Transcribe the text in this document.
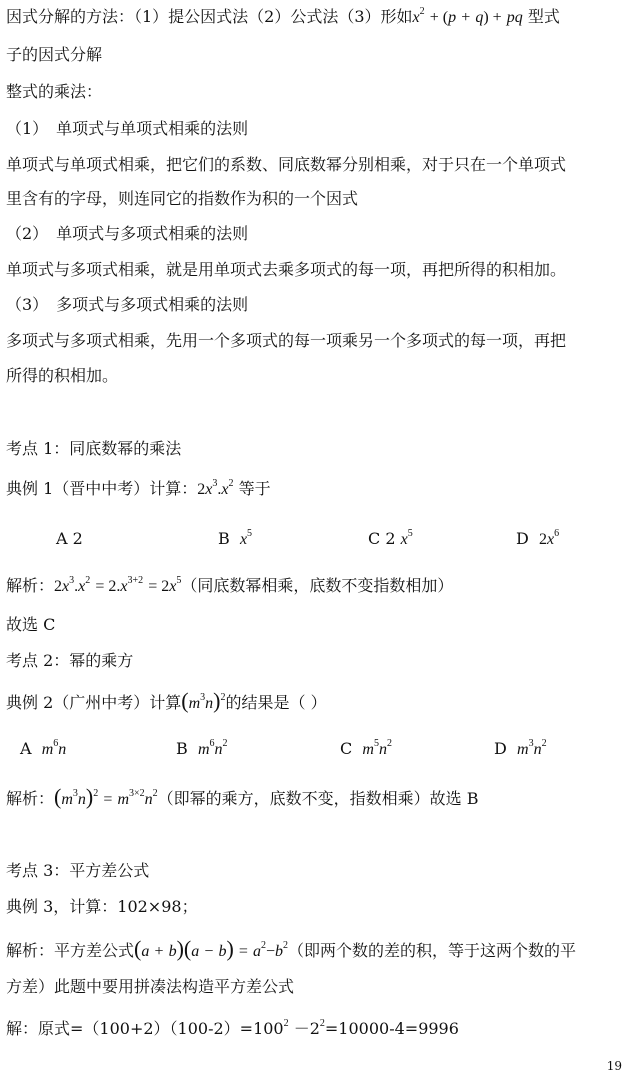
因式分解的方法：（1）提公因式法（2）公式法（3）形如$x^2 + (p + q)$ + pq 型式
子的因式分解
整式的乘法：
（1）　单项式与单项式相乘的法则
单项式与单项式相乘，把它们的系数、同底数幂分别相乘，对于只在一个单项式
里含有的字母，则连同它的指数作为积的一个因式
（2）　单项式与多项式相乘的法则
单项式与多项式相乘，就是用单项式去乘多项式的每一项，再把所得的积相加。
（3）　多项式与多项式相乘的法则
多项式与多项式相乘，先用一个多项式的每一项乘另一个多项式的每一项，再把
所得的积相加。
考点 1：同底数幂的乘法
典例 1（晋中中考）计算：$2x^3.x^2$ 等于
A 2	B $x^5$	C 2 $x^5$	D $2x^6$
解析：$2x^3.x^2 = 2.x^{3+2} = 2x^5$（同底数幂相乘，底数不变指数相加）
故选 C
考点 2：幂的乘方
典例 2（广州中考）计算$(m^3n)^2$的结果是（ ）
A $m^6n$	B $m^6n^2$	C $m^5n^2$	D $m^3n^2$
解析：$(m^3n)^2 = m^{3\times 2}n^2$（即幂的乘方，底数不变，指数相乘）故选 B
考点 3：平方差公式
典例 3，计算：102×98；
解析：平方差公式$(a + b)(a - b) = a^2-b^2$（即两个数的差的积，等于这两个数的平
方差）此题中要用拼凑法构造平方差公式
解：原式$=(100+2)(100-2)=100^2 -2^2=10000-4=9996$
19
